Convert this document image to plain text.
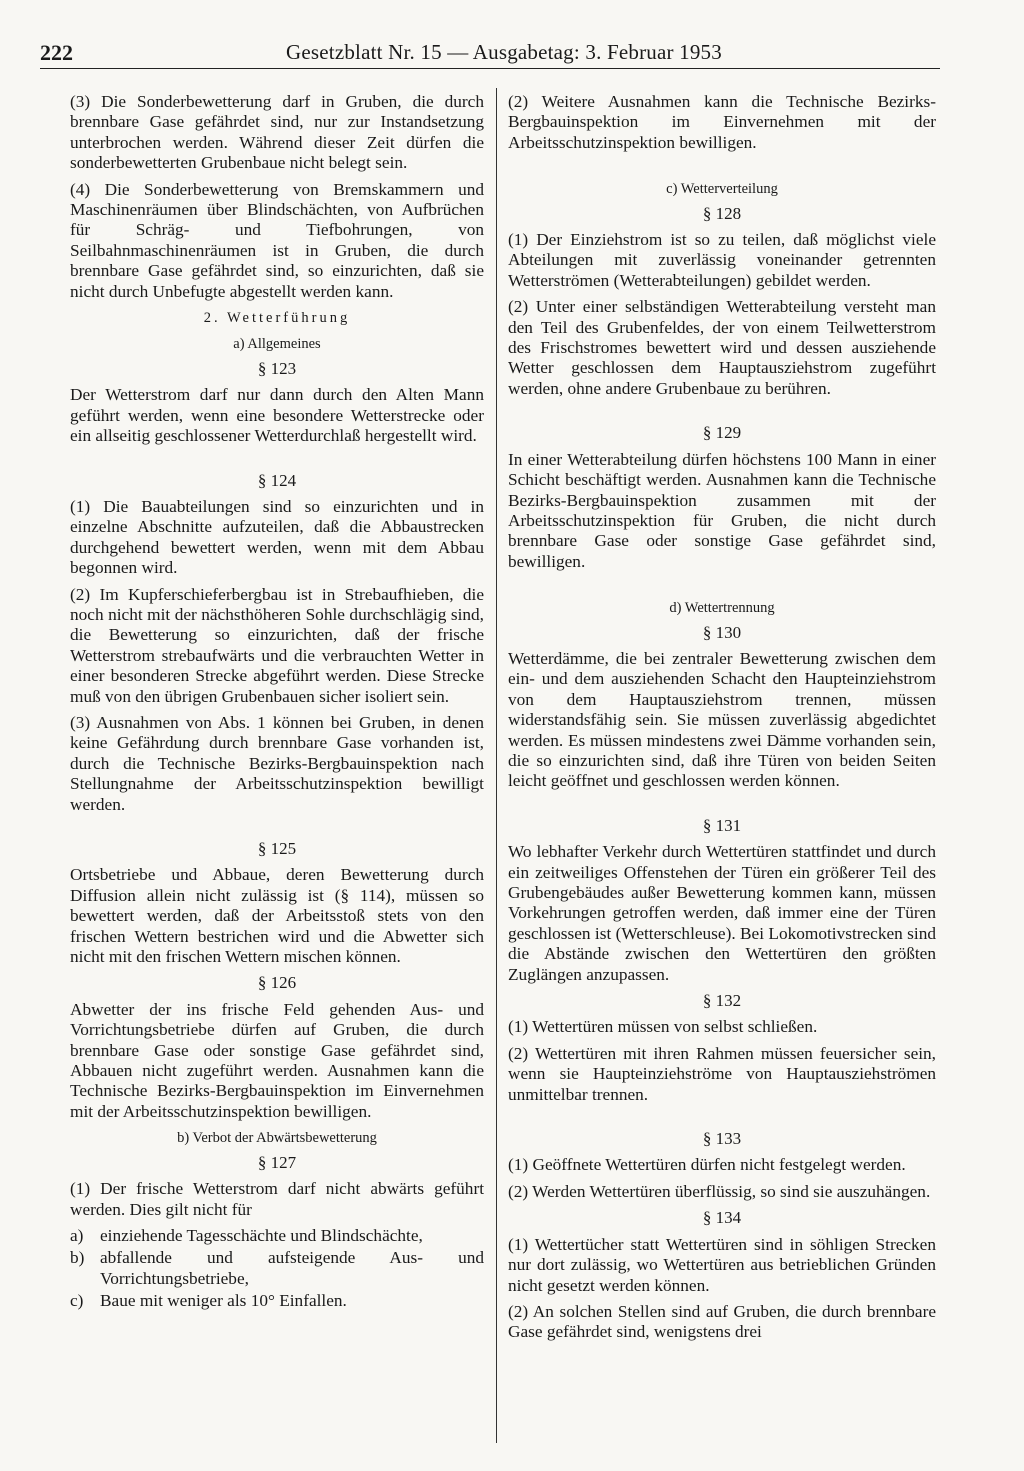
222	Gesetzblatt Nr. 15 — Ausgabetag: 3. Februar 1953

(3) Die Sonderbewetterung darf in Gruben, die durch brennbare Gase gefährdet sind, nur zur Instandsetzung unterbrochen werden. Während dieser Zeit dürfen die sonderbewetterten Grubenbaue nicht belegt sein.

(4) Die Sonderbewetterung von Bremskammern und Maschinenräumen über Blindschächten, von Aufbrüchen für Schräg- und Tiefbohrungen, von Seilbahnmaschinenräumen ist in Gruben, die durch brennbare Gase gefährdet sind, so einzurichten, daß sie nicht durch Unbefugte abgestellt werden kann.

2. Wetterführung
a) Allgemeines
§ 123

Der Wetterstrom darf nur dann durch den Alten Mann geführt werden, wenn eine besondere Wetterstrecke oder ein allseitig geschlossener Wetterdurchlaß hergestellt wird.

§ 124

(1) Die Bauabteilungen sind so einzurichten und in einzelne Abschnitte aufzuteilen, daß die Abbaustrecken durchgehend bewettert werden, wenn mit dem Abbau begonnen wird.

(2) Im Kupferschieferbergbau ist in Strebaufhieben, die noch nicht mit der nächsthöheren Sohle durchschlägig sind, die Bewetterung so einzurichten, daß der frische Wetterstrom strebaufwärts und die verbrauchten Wetter in einer besonderen Strecke abgeführt werden. Diese Strecke muß von den übrigen Grubenbauen sicher isoliert sein.

(3) Ausnahmen von Abs. 1 können bei Gruben, in denen keine Gefährdung durch brennbare Gase vorhanden ist, durch die Technische Bezirks-Bergbauinspektion nach Stellungnahme der Arbeitsschutzinspektion bewilligt werden.

§ 125

Ortsbetriebe und Abbaue, deren Bewetterung durch Diffusion allein nicht zulässig ist (§ 114), müssen so bewettert werden, daß der Arbeitsstoß stets von den frischen Wettern bestrichen wird und die Abwetter sich nicht mit den frischen Wettern mischen können.

§ 126

Abwetter der ins frische Feld gehenden Aus- und Vorrichtungsbetriebe dürfen auf Gruben, die durch brennbare Gase oder sonstige Gase gefährdet sind, Abbauen nicht zugeführt werden. Ausnahmen kann die Technische Bezirks-Bergbauinspektion im Einvernehmen mit der Arbeitsschutzinspektion bewilligen.

b) Verbot der Abwärtsbewetterung
§ 127

(1) Der frische Wetterstrom darf nicht abwärts geführt werden. Dies gilt nicht für

a) einziehende Tagesschächte und Blindschächte,
b) abfallende und aufsteigende Aus- und Vorrichtungsbetriebe,
c) Baue mit weniger als 10° Einfallen.

(2) Weitere Ausnahmen kann die Technische Bezirks-Bergbauinspektion im Einvernehmen mit der Arbeitsschutzinspektion bewilligen.

c) Wetterverteilung
§ 128

(1) Der Einziehstrom ist so zu teilen, daß möglichst viele Abteilungen mit zuverlässig voneinander getrennten Wetterströmen (Wetterabteilungen) gebildet werden.

(2) Unter einer selbständigen Wetterabteilung versteht man den Teil des Grubenfeldes, der von einem Teilwetterstrom des Frischstromes bewettert wird und dessen ausziehende Wetter geschlossen dem Hauptausziehstrom zugeführt werden, ohne andere Grubenbaue zu berühren.

§ 129

In einer Wetterabteilung dürfen höchstens 100 Mann in einer Schicht beschäftigt werden. Ausnahmen kann die Technische Bezirks-Bergbauinspektion zusammen mit der Arbeitsschutzinspektion für Gruben, die nicht durch brennbare Gase oder sonstige Gase gefährdet sind, bewilligen.

d) Wettertrennung
§ 130

Wetterdämme, die bei zentraler Bewetterung zwischen dem ein- und dem ausziehenden Schacht den Haupteinziehstrom von dem Hauptausziehstrom trennen, müssen widerstandsfähig sein. Sie müssen zuverlässig abgedichtet werden. Es müssen mindestens zwei Dämme vorhanden sein, die so einzurichten sind, daß ihre Türen von beiden Seiten leicht geöffnet und geschlossen werden können.

§ 131

Wo lebhafter Verkehr durch Wettertüren stattfindet und durch ein zeitweiliges Offenstehen der Türen ein größerer Teil des Grubengebäudes außer Bewetterung kommen kann, müssen Vorkehrungen getroffen werden, daß immer eine der Türen geschlossen ist (Wetterschleuse). Bei Lokomotivstrecken sind die Abstände zwischen den Wettertüren den größten Zuglängen anzupassen.

§ 132

(1) Wettertüren müssen von selbst schließen.

(2) Wettertüren mit ihren Rahmen müssen feuersicher sein, wenn sie Haupteinziehströme von Hauptausziehströmen unmittelbar trennen.

§ 133

(1) Geöffnete Wettertüren dürfen nicht festgelegt werden.

(2) Werden Wettertüren überflüssig, so sind sie auszuhängen.

§ 134

(1) Wettertücher statt Wettertüren sind in söhligen Strecken nur dort zulässig, wo Wettertüren aus betrieblichen Gründen nicht gesetzt werden können.

(2) An solchen Stellen sind auf Gruben, die durch brennbare Gase gefährdet sind, wenigstens drei
